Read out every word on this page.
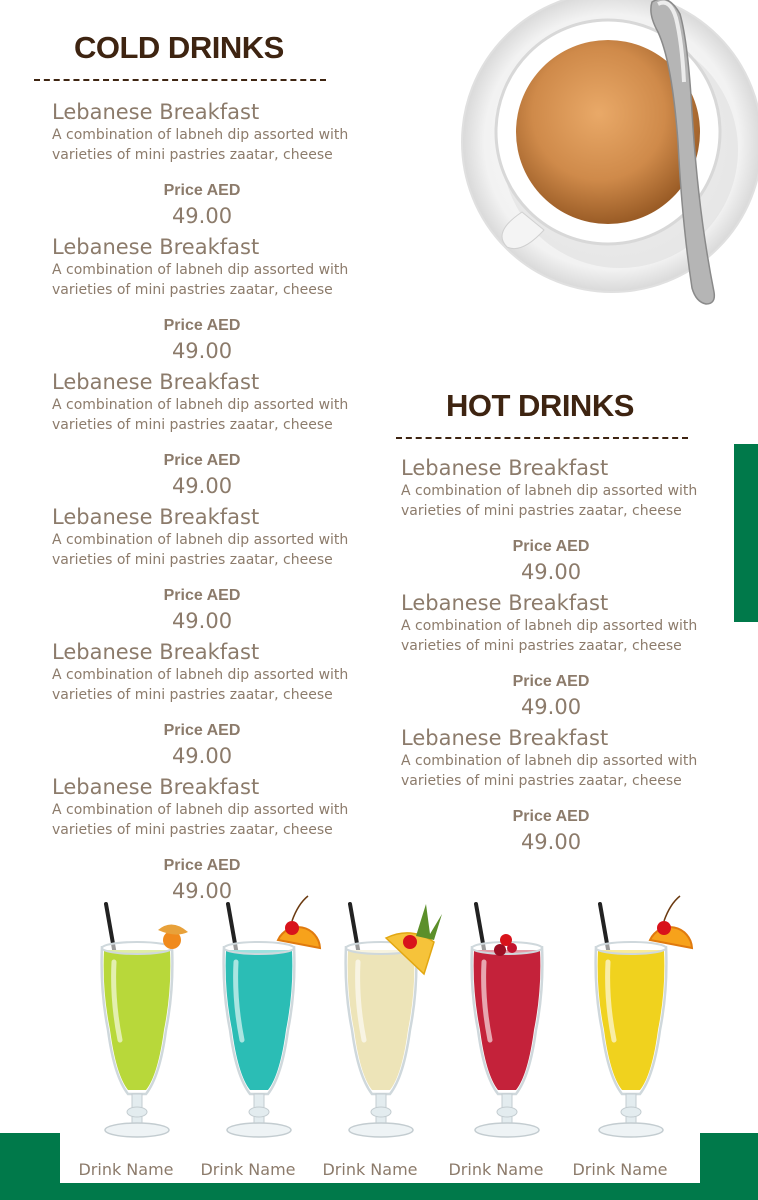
COLD DRINKS
Lebanese Breakfast
A combination of labneh dip assorted with varieties of mini pastries zaatar, cheese
Price AED
49.00
Lebanese Breakfast
A combination of labneh dip assorted with varieties of mini pastries zaatar, cheese
Price AED
49.00
Lebanese Breakfast
A combination of labneh dip assorted with varieties of mini pastries zaatar, cheese
Price AED
49.00
Lebanese Breakfast
A combination of labneh dip assorted with varieties of mini pastries zaatar, cheese
Price AED
49.00
Lebanese Breakfast
A combination of labneh dip assorted with varieties of mini pastries zaatar, cheese
Price AED
49.00
Lebanese Breakfast
A combination of labneh dip assorted with varieties of mini pastries zaatar, cheese
Price AED
49.00
HOT DRINKS
Lebanese Breakfast
A combination of labneh dip assorted with varieties of mini pastries zaatar, cheese
Price AED
49.00
Lebanese Breakfast
A combination of labneh dip assorted with varieties of mini pastries zaatar, cheese
Price AED
49.00
Lebanese Breakfast
A combination of labneh dip assorted with varieties of mini pastries zaatar, cheese
Price AED
49.00
Drink Name	Drink Name	Drink Name	Drink Name	Drink Name
